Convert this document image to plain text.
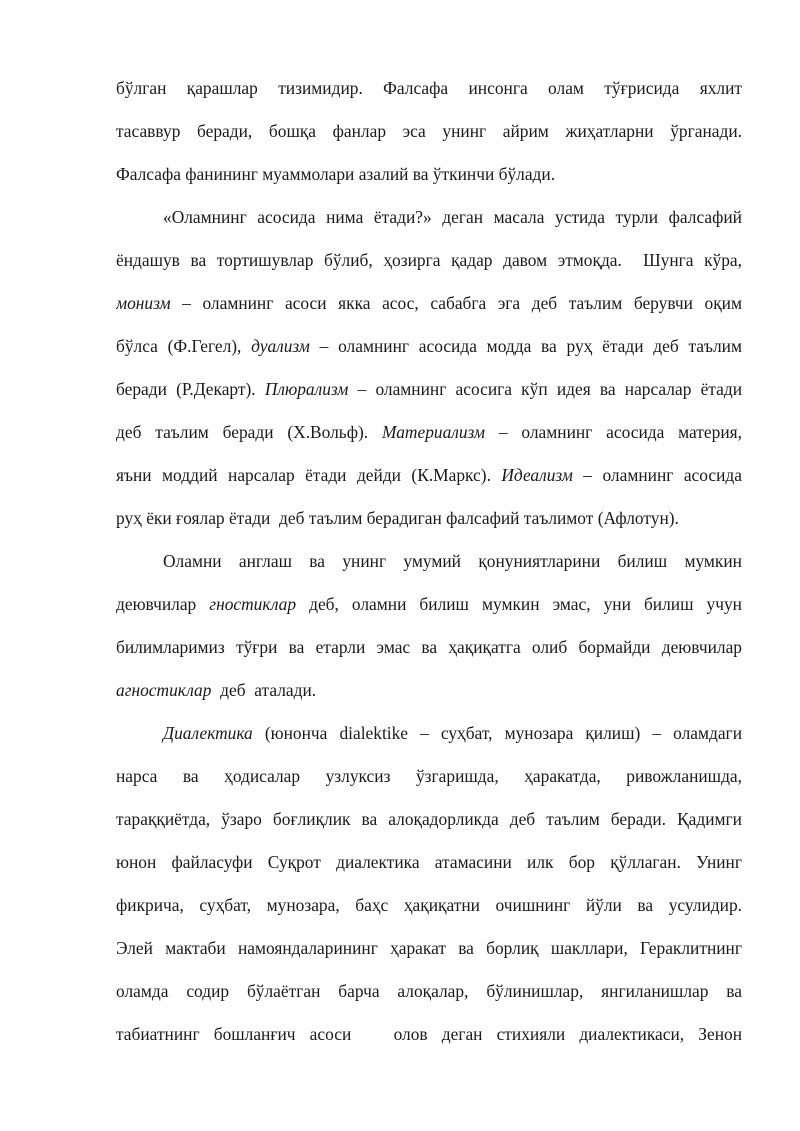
бўлган қарашлар тизимидир. Фалсафа инсонга олам тўғрисида яхлит
тасаввур беради, бошқа фанлар эса унинг айрим жиҳатларни ўрганади.
Фалсафа фанининг муаммолари азалий ва ўткинчи бўлади.
«Оламнинг асосида нима ётади?» деган масала устида турли фалсафий
ёндашув ва тортишувлар бўлиб, ҳозирга қадар давом этмоқда.  Шунга кўра,
монизм – оламнинг асоси якка асос, сабабга эга деб таълим берувчи оқим
бўлса (Ф.Гегел), дуализм – оламнинг асосида модда ва руҳ ётади деб таълим
беради (Р.Декарт). Плюрализм – оламнинг асосига кўп идея ва нарсалар ётади
деб таълим беради (Х.Вольф). Материализм – оламнинг асосида материя,
яъни моддий нарсалар ётади дейди (К.Маркс). Идеализм – оламнинг асосида
руҳ ёки ғоялар ётади  деб таълим берадиган фалсафий таълимот (Афлотун).
Оламни англаш ва унинг умумий қонуниятларини билиш мумкин
деювчилар гностиклар деб, оламни билиш мумкин эмас, уни билиш учун
билимларимиз тўғри ва етарли эмас ва ҳақиқатга олиб бормайди деювчилар
агностиклар  деб  аталади.
Диалектика (юнонча dialektike – суҳбат, мунозара қилиш) – оламдаги
нарса ва ҳодисалар узлуксиз ўзгаришда, ҳаракатда, ривожланишда,
тараққиётда, ўзаро боғлиқлик ва алоқадорликда деб таълим беради. Қадимги
юнон файласуфи Суқрот диалектика атамасини илк бор қўллаган. Унинг
фикрича, суҳбат, мунозара, баҳс ҳақиқатни очишнинг йўли ва усулидир.
Элей мактаби намояндаларининг ҳаракат ва борлиқ шакллари, Гераклитнинг
оламда содир бўлаётган барча алоқалар, бўлинишлар, янгиланишлар ва
табиатнинг бошланғич асоси   олов деган стихияли диалектикаси, Зенон
